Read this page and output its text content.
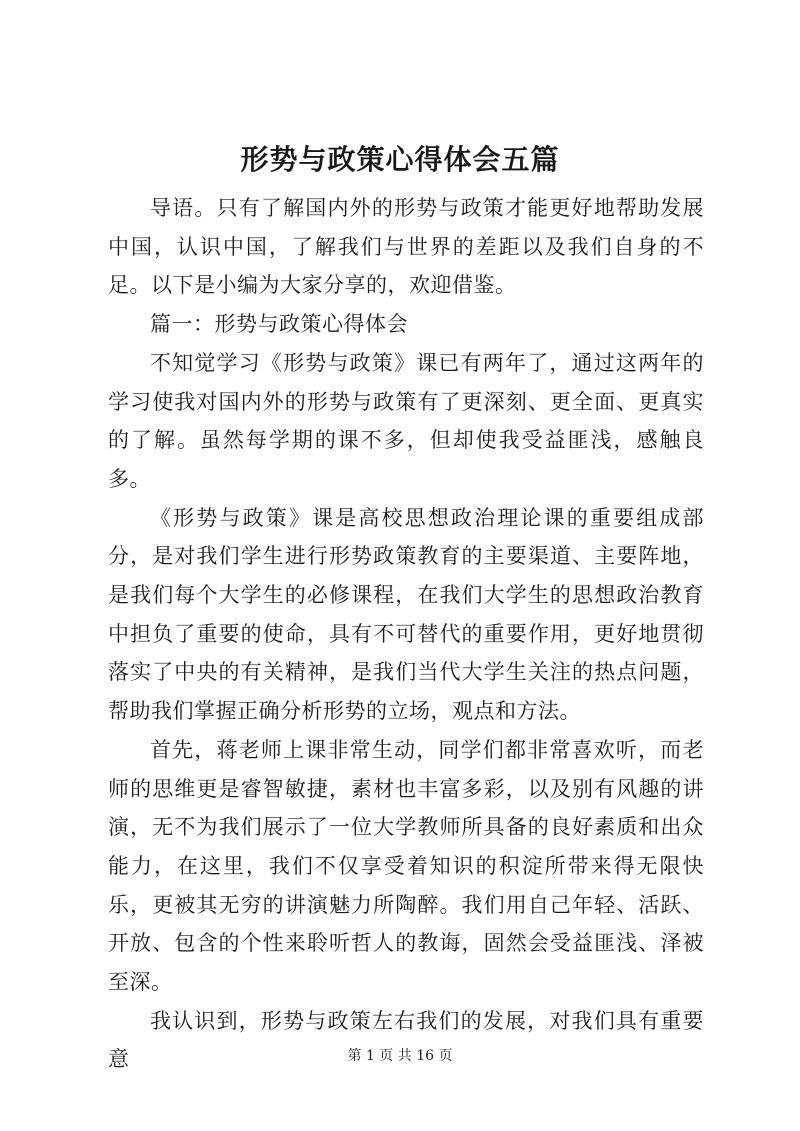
形势与政策心得体会五篇

导语。只有了解国内外的形势与政策才能更好地帮助发展中国，认识中国，了解我们与世界的差距以及我们自身的不足。以下是小编为大家分享的，欢迎借鉴。

篇一：形势与政策心得体会

不知觉学习《形势与政策》课已有两年了，通过这两年的学习使我对国内外的形势与政策有了更深刻、更全面、更真实的了解。虽然每学期的课不多，但却使我受益匪浅，感触良多。

《形势与政策》课是高校思想政治理论课的重要组成部分，是对我们学生进行形势政策教育的主要渠道、主要阵地，是我们每个大学生的必修课程，在我们大学生的思想政治教育中担负了重要的使命，具有不可替代的重要作用，更好地贯彻落实了中央的有关精神，是我们当代大学生关注的热点问题，帮助我们掌握正确分析形势的立场，观点和方法。

首先，蒋老师上课非常生动，同学们都非常喜欢听，而老师的思维更是睿智敏捷，素材也丰富多彩，以及别有风趣的讲演，无不为我们展示了一位大学教师所具备的良好素质和出众能力，在这里，我们不仅享受着知识的积淀所带来得无限快乐，更被其无穷的讲演魅力所陶醉。我们用自己年轻、活跃、开放、包含的个性来聆听哲人的教诲，固然会受益匪浅、泽被至深。

我认识到，形势与政策左右我们的发展，对我们具有重要意	第 1 页 共 16 页
